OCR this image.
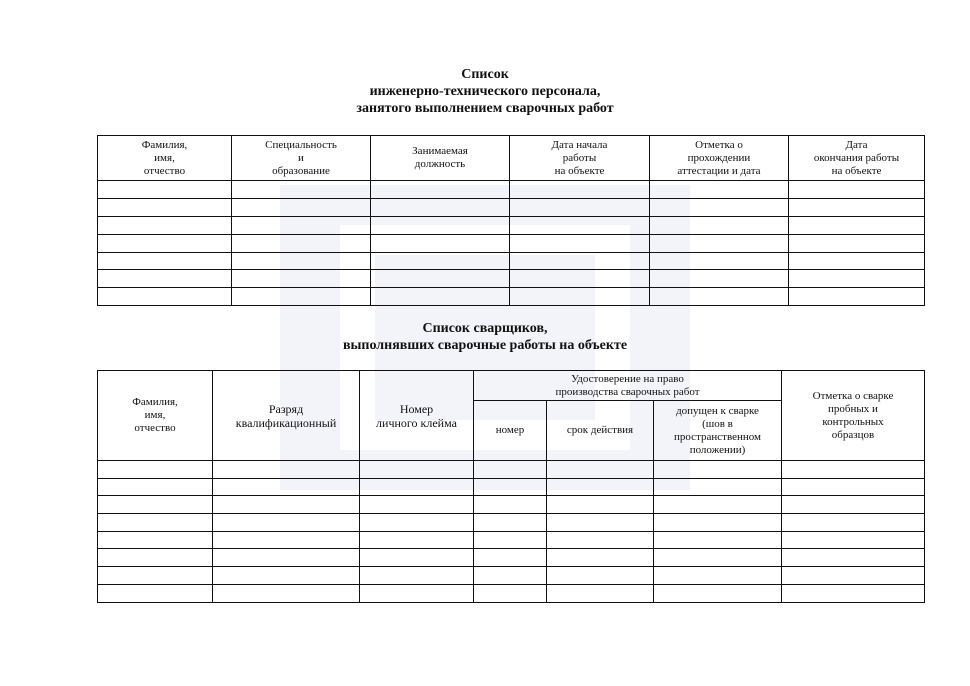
Список
инженерно-технического персонала,
занятого выполнением сварочных работ
Фамилия,
имя,
отчество	Специальность
и
образование	Занимаемая
должность	Дата начала
работы
на объекте	Отметка о
прохождении
аттестации и дата	Дата
окончания работы
на объекте

Список сварщиков,
выполнявших сварочные работы на объекте
Фамилия,
имя,
отчество	Разряд
квалификационный	Номер
личного клейма	Удостоверение на право
производства сварочных работ			Отметка о сварке
пробных и
контрольных
образцов

			номер	срок действия	допущен к сварке
(шов в
пространственном
положении)	
